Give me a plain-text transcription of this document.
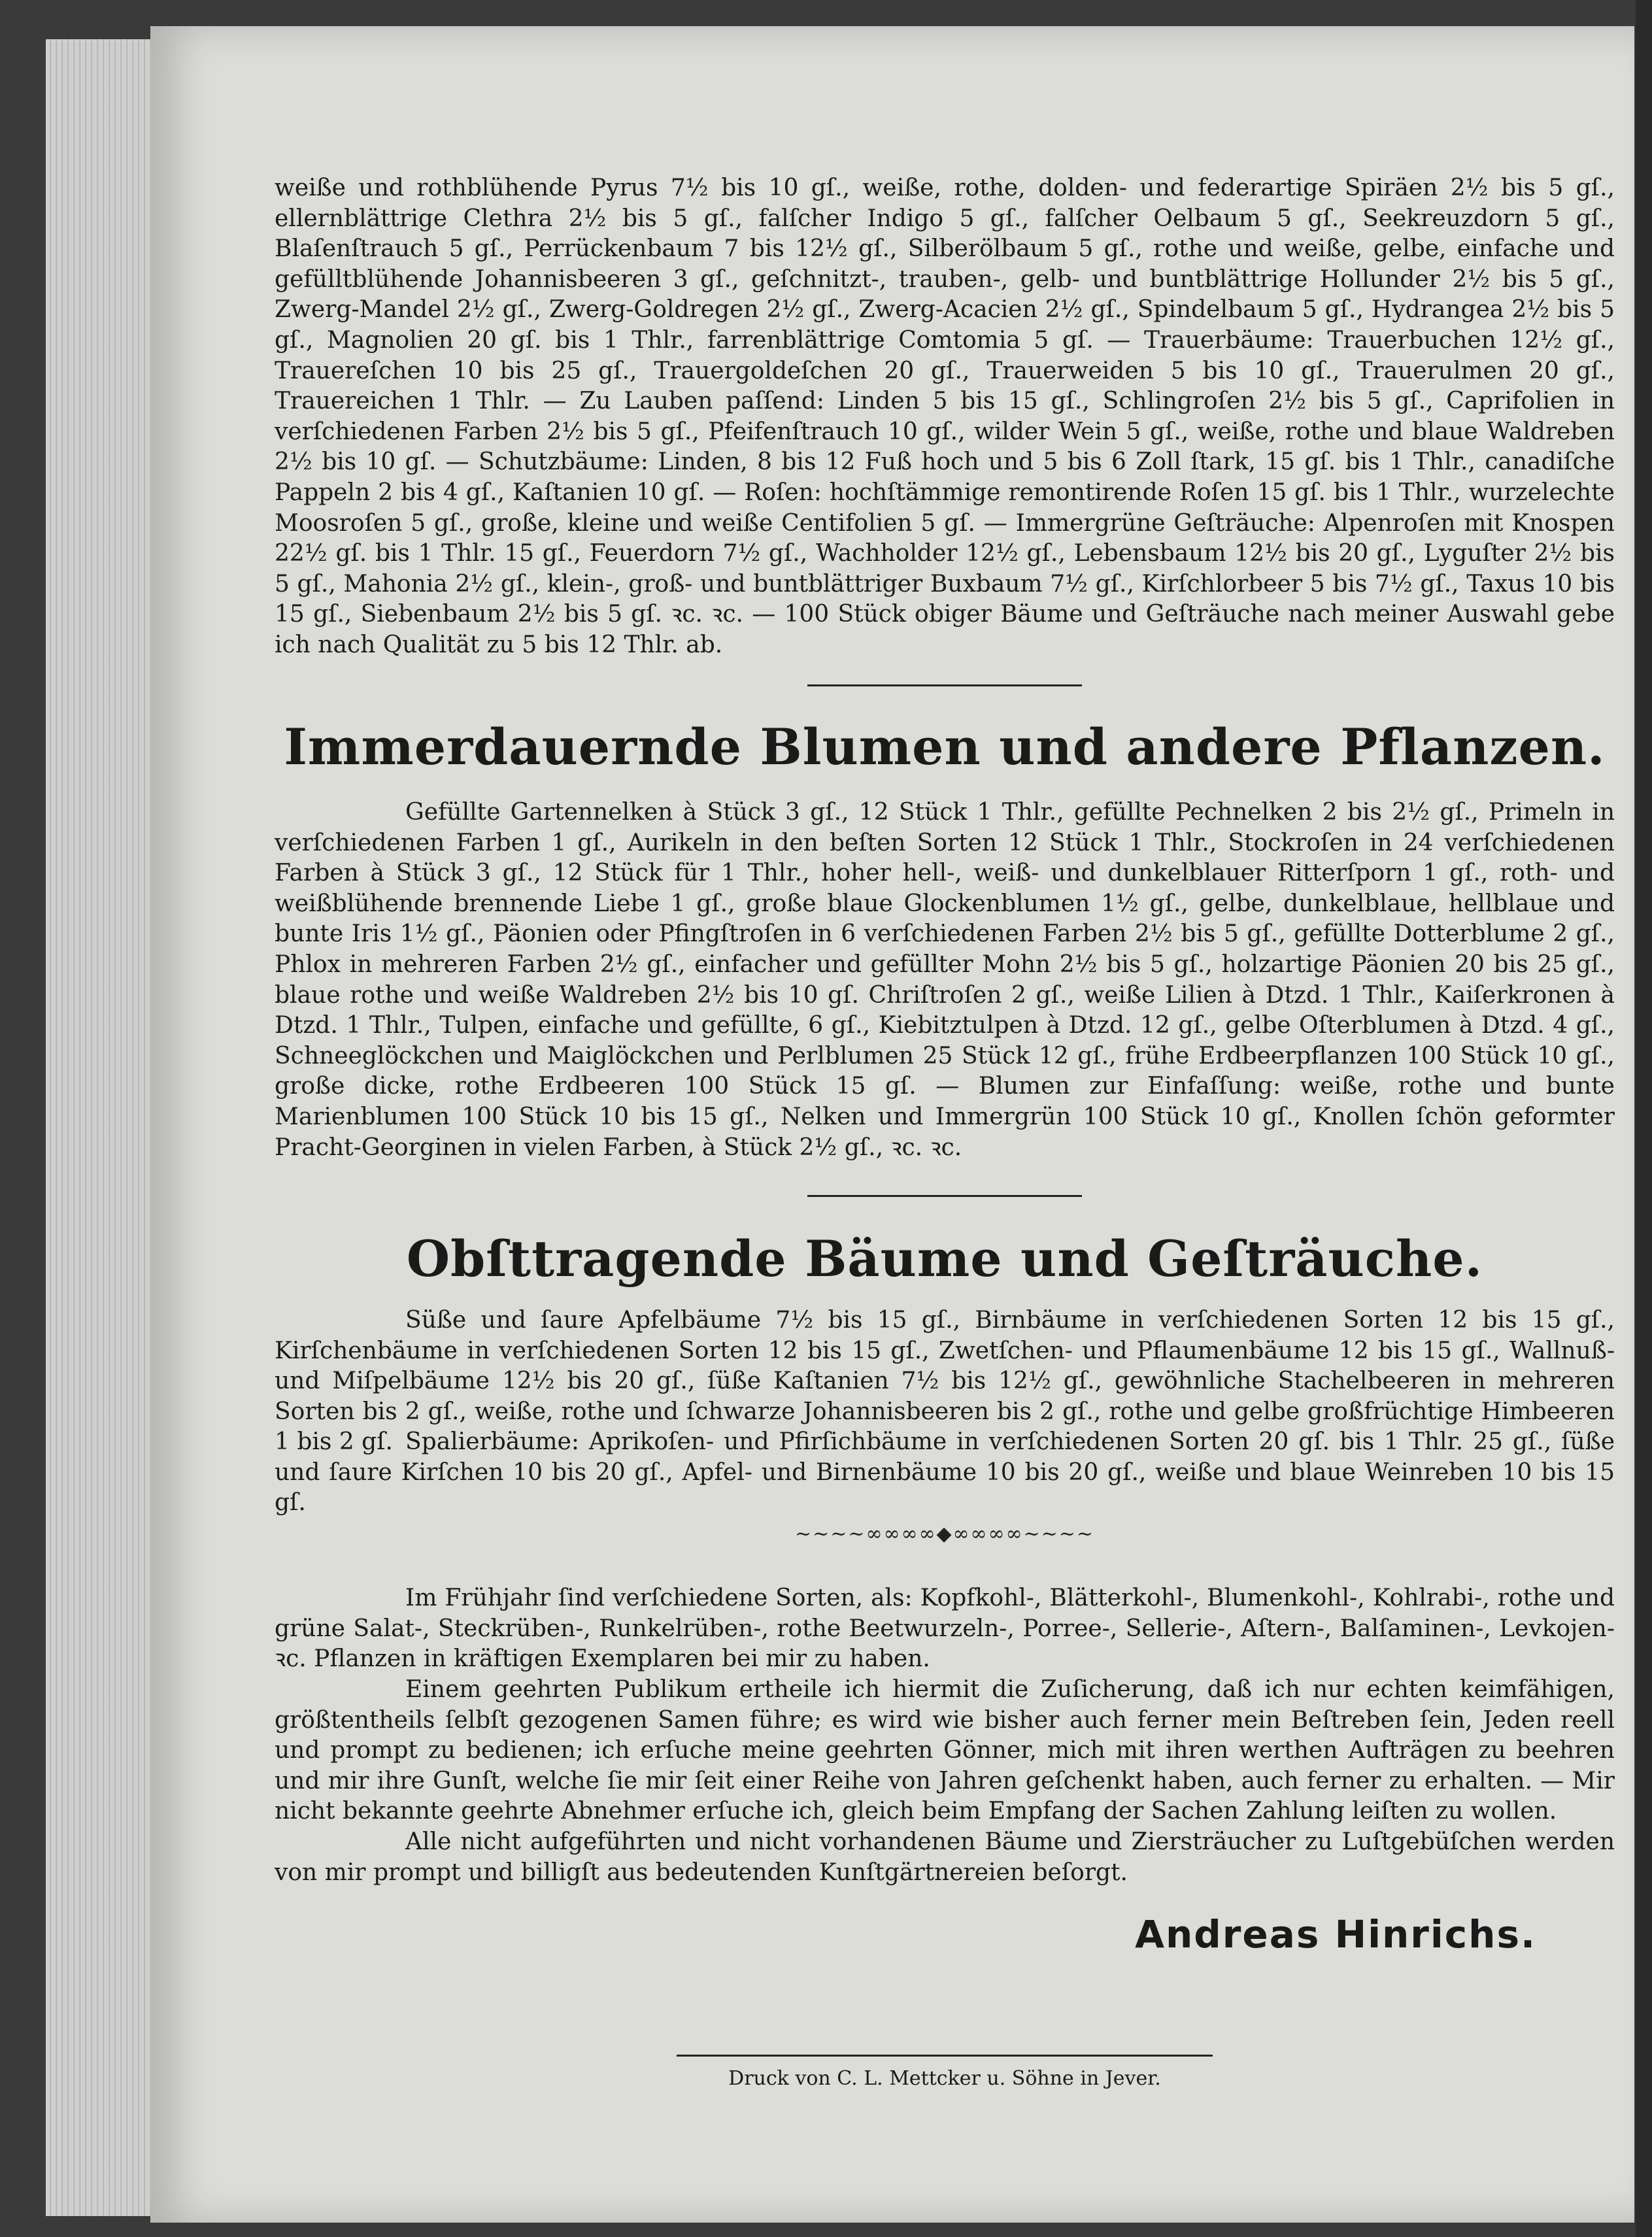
weiße und rothblühende Pyrus 7½ bis 10 gſ., weiße, rothe, dolden- und federartige Spiräen 2½ bis 5 gſ., ellernblättrige Clethra 2½ bis 5 gſ., falſcher Indigo 5 gſ., falſcher Oelbaum 5 gſ., Seekreuzdorn 5 gſ., Blaſenſtrauch 5 gſ., Perrückenbaum 7 bis 12½ gſ., Silberölbaum 5 gſ., rothe und weiße, gelbe, einfache und gefülltblühende Johannisbeeren 3 gſ., geſchnitzt-, trauben-, gelb- und buntblättrige Hollunder 2½ bis 5 gſ., Zwerg-Mandel 2½ gſ., Zwerg-Goldregen 2½ gſ., Zwerg-Acacien 2½ gſ., Spindelbaum 5 gſ., Hydrangea 2½ bis 5 gſ., Magnolien 20 gſ. bis 1 Thlr., farrenblättrige Comtomia 5 gſ. — Trauerbäume: Trauerbuchen 12½ gſ., Trauereſchen 10 bis 25 gſ., Trauergoldeſchen 20 gſ., Trauerweiden 5 bis 10 gſ., Trauerulmen 20 gſ., Trauereichen 1 Thlr. — Zu Lauben paſſend: Linden 5 bis 15 gſ., Schlingroſen 2½ bis 5 gſ., Caprifolien in verſchiedenen Farben 2½ bis 5 gſ., Pfeifenſtrauch 10 gſ., wilder Wein 5 gſ., weiße, rothe und blaue Waldreben 2½ bis 10 gſ. — Schutzbäume: Linden, 8 bis 12 Fuß hoch und 5 bis 6 Zoll ſtark, 15 gſ. bis 1 Thlr., canadiſche Pappeln 2 bis 4 gſ., Kaſtanien 10 gſ. — Roſen: hochſtämmige remontirende Roſen 15 gſ. bis 1 Thlr., wurzelechte Moosroſen 5 gſ., große, kleine und weiße Centifolien 5 gſ. — Immergrüne Geſträuche: Alpenroſen mit Knospen 22½ gſ. bis 1 Thlr. 15 gſ., Feuerdorn 7½ gſ., Wachholder 12½ gſ., Lebensbaum 12½ bis 20 gſ., Lyguſter 2½ bis 5 gſ., Mahonia 2½ gſ., klein-, groß- und buntblättriger Buxbaum 7½ gſ., Kirſchlorbeer 5 bis 7½ gſ., Taxus 10 bis 15 gſ., Siebenbaum 2½ bis 5 gſ. ꝛc. ꝛc. — 100 Stück obiger Bäume und Geſträuche nach meiner Auswahl gebe ich nach Qualität zu 5 bis 12 Thlr. ab.

Immerdauernde Blumen und andere Pflanzen.

Gefüllte Gartennelken à Stück 3 gſ., 12 Stück 1 Thlr., gefüllte Pechnelken 2 bis 2½ gſ., Primeln in verſchiedenen Farben 1 gſ., Aurikeln in den beſten Sorten 12 Stück 1 Thlr., Stockroſen in 24 verſchiedenen Farben à Stück 3 gſ., 12 Stück für 1 Thlr., hoher hell-, weiß- und dunkelblauer Ritterſporn 1 gſ., roth- und weißblühende brennende Liebe 1 gſ., große blaue Glockenblumen 1½ gſ., gelbe, dunkelblaue, hellblaue und bunte Iris 1½ gſ., Päonien oder Pfingſtroſen in 6 verſchiedenen Farben 2½ bis 5 gſ., gefüllte Dotterblume 2 gſ., Phlox in mehreren Farben 2½ gſ., einfacher und gefüllter Mohn 2½ bis 5 gſ., holzartige Päonien 20 bis 25 gſ., blaue rothe und weiße Waldreben 2½ bis 10 gſ. Chriſtroſen 2 gſ., weiße Lilien à Dtzd. 1 Thlr., Kaiſerkronen à Dtzd. 1 Thlr., Tulpen, einfache und gefüllte, 6 gſ., Kiebitztulpen à Dtzd. 12 gſ., gelbe Oſterblumen à Dtzd. 4 gſ., Schneeglöckchen und Maiglöckchen und Perlblumen 25 Stück 12 gſ., frühe Erdbeerpflanzen 100 Stück 10 gſ., große dicke, rothe Erdbeeren 100 Stück 15 gſ. — Blumen zur Einfaſſung: weiße, rothe und bunte Marienblumen 100 Stück 10 bis 15 gſ., Nelken und Immergrün 100 Stück 10 gſ., Knollen ſchön geformter Pracht-Georginen in vielen Farben, à Stück 2½ gſ., ꝛc. ꝛc.

Obſttragende Bäume und Geſträuche.

Süße und ſaure Apfelbäume 7½ bis 15 gſ., Birnbäume in verſchiedenen Sorten 12 bis 15 gſ., Kirſchenbäume in verſchiedenen Sorten 12 bis 15 gſ., Zwetſchen- und Pflaumenbäume 12 bis 15 gſ., Wallnuß- und Miſpelbäume 12½ bis 20 gſ., ſüße Kaſtanien 7½ bis 12½ gſ., gewöhnliche Stachelbeeren in mehreren Sorten bis 2 gſ., weiße, rothe und ſchwarze Johannisbeeren bis 2 gſ., rothe und gelbe großfrüchtige Himbeeren 1 bis 2 gſ. Spalierbäume: Aprikoſen- und Pfirſichbäume in verſchiedenen Sorten 20 gſ. bis 1 Thlr. 25 gſ., ſüße und ſaure Kirſchen 10 bis 20 gſ., Apfel- und Birnenbäume 10 bis 20 gſ., weiße und blaue Weinreben 10 bis 15 gſ.

~~~~∞∞∞∞◆∞∞∞∞~~~~

Im Frühjahr ſind verſchiedene Sorten, als: Kopfkohl-, Blätterkohl-, Blumenkohl-, Kohlrabi-, rothe und grüne Salat-, Steckrüben-, Runkelrüben-, rothe Beetwurzeln-, Porree-, Sellerie-, Aſtern-, Balſaminen-, Levkojen- ꝛc. Pflanzen in kräftigen Exemplaren bei mir zu haben.

Einem geehrten Publikum ertheile ich hiermit die Zuſicherung, daß ich nur echten keimfähigen, größtentheils ſelbſt gezogenen Samen führe; es wird wie bisher auch ferner mein Beſtreben ſein, Jeden reell und prompt zu bedienen; ich erſuche meine geehrten Gönner, mich mit ihren werthen Aufträgen zu beehren und mir ihre Gunſt, welche ſie mir ſeit einer Reihe von Jahren geſchenkt haben, auch ferner zu erhalten. — Mir nicht bekannte geehrte Abnehmer erſuche ich, gleich beim Empfang der Sachen Zahlung leiſten zu wollen.

Alle nicht aufgeführten und nicht vorhandenen Bäume und Ziersträucher zu Luſtgebüſchen werden von mir prompt und billigſt aus bedeutenden Kunſtgärtnereien beſorgt.

Andreas Hinrichs.

Druck von C. L. Mettcker u. Söhne in Jever.
